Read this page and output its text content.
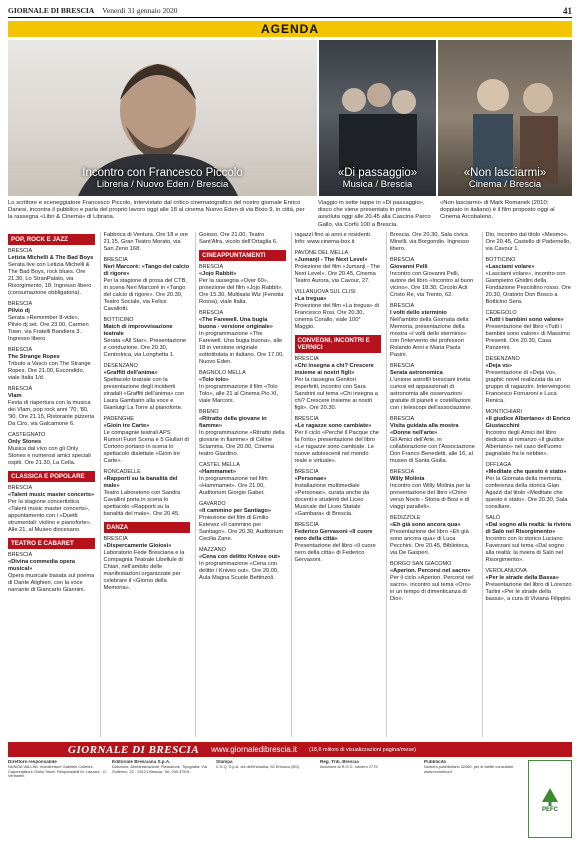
GIORNALE DI BRESCIA Venerdì 31 gennaio 2020	41
AGENDA
Incontro con Francesco Piccolo
Libreria / Nuovo Eden / Brescia
«Di passaggio»
Musica / Brescia
«Non lasciarmi»
Cinema / Brescia

Lo scrittore e sceneggiatore Francesco Piccolo, intervistato dal critico cinematografico del nostro giornale Enrico Danesi, incontra il pubblico e parla del proprio lavoro oggi alle 18 al cinema Nuovo Eden di via Bixio 9, in città, per la rassegna «Libri & Cinema» di Libraria.

Viaggio in sette tappe in «Di passaggio», disco che viene presentato in prima assoluta oggi alle 20.45 alla Cascina Parco Gallo, via Corfù 100 a Brescia.

«Non lasciarmi» di Mark Romanek (2010; doppiato in italiano) è il film proposto oggi al Cinema Arcobaleno.

POP, ROCK E JAZZ
BRESCIA
Letizia Michelli & The Bad Boys
Serata live con Letizia Michelli & The Bad Boys, rock blues. Ore 21.30, Lo StranPalato, via Risorgimento, 18. Ingresso libero (consumazione obbligatoria).
BRESCIA
Pilvio dj
Serata «Remember 8-vide», Pilvio dj set. Ore 23.00, Carmen Town, via Fratelli Bandiera 3. Ingresso libero.
BRESCIA
The Strange Ropes
Tributo a Vasco con The Strange Ropes. Ore 21.00, Escondido, viale Italia 1/d.
BRESCIA
Vlam
Festa di riapertura con la musica dei Vlam, pop rock anni '70, '80, '90. Ore 21.15, Ristorante pizzeria Da Ciro, via Galcamone 6.
CASTEGNATO
Only Stones
Musica dal vivo con gli Only Stones e numerosi amici speciali ospiti. Ore 21.30, La Cella.
CLASSICA E POPOLARE
BRESCIA
«Talent music master concerts»
Per la stagione concertistica «Talent music master concerts», appuntamento con i «Duetti strumentali: violino e pianoforte». Alle 21, al Museo diocesano.
TEATRO E CABARET
BRESCIA
«Divina commedia opera musical»
Opera musicale basata sul poema di Dante Alighieri, con la voce narrante di Giancarlo Giannini.
Fabbrica di Ventura. Ore 18 e ore 21.15, Gran Teatro Morato, via San Zeno 168.
BRESCIA
Neri Marcorè: «Tango del calcio di rigore»
Per la stagione di prosa del CTB, in scena Neri Marcorè in «Tango del calcio di rigore». Ore 20.30, Teatro Sociale, via Felice Cavallotti.
BOTTICINO
Match di improvvisazione teatrale
Serata «All Star». Presentazione e conduzione. Ore 20.30, Centrolrica, via Longhetta 1.
DESENZANO
«Graffiti dell'anima»
Spettacolo teatrale con la presentazione degli incidenti stradali «Graffiti dell'anima» con Laura Gambarin alla voce e Gianluigi La Torre al pianoforte.
PADENGHE
«Gioin tre Carte»
Le compagnie teatrali APS Rumori Fuori Scena e 5 Giullari di Cortorio portano in scena lo spettacolo dialettale «Gioin tre Carte».
RONCADELLE
«Rapporti su la banalità del male»
Teatro Laboratorio con Sandra Cavallini porta in scena lo spettacolo «Rapporti su la banalità del male». Ore 20.45.
DANZA
BRESCIA
«Dispercamente Gioiosi»
Laboratorio Fede Bresciana e la Compagnia Teatrale Libellule di Chiari, nell'ambito delle manifestazioni organizzate per celebrare il «Giorno della Memoria».
Goioso. Ore 21.00, Teatro Sant'Afra, vicolo dell'Ortaglia 6.
CINEAPPUNTAMENTI
BRESCIA
«Jojo Rabbit»
Per la rassegna «Over 60», proiezione del film «Jojo Rabbit». Ore 15.30, Multisala Wiz (Fenotia Rossa), viale Italia.
BRESCIA
«The Farewell. Una bugia buona - versione originale»
In programmazione «The Farewell. Una bugia buona», alle 18 in versione originale sottotitolata in italiano. Ore 17.00, Nuovo Eden.
BAGNOLO MELLA
«Tolo tolo»
In programmazione il film «Tolo Tolo», alle 21 al Cinema Pio XI, viale Marconi.
BRENO
«Ritratto della giovane in fiamme»
In programmazione «Ritratto della giovane in fiamme» di Céline Sciamma. Ore 20.00, Cinema teatro Giardino.
CASTEL MELLA
«Hammamet»
In programmazione nel film «Hammamet». Ore 21.00, Auditorium Giorgio Gaber.
GAVARDO
«Il cammino per Santiago»
Proiezione del film di Emilio Estevez «Il cammino per Santiago». Ore 20.30, Auditorium Cecilia Zane.
MAZZANO
«Cena con delitto Knives out»
In programmazione «Cena con delitto / Knives out». Ore 20.00, Aula Magna Scuole Bettinzoli.
ragazzi fino ai anni e residenti. Info: www.cinema-box.it
PAVONE DEL MELLA
«Jumanji - The Next Level»
Proiezione del film «Jumanji - The Next Level». Ore 20.45, Cinema Teatro Aurora, via Cavour, 27.
VILLANUOVA SUL CLISI
«La tregua»
Proiezione del film «La tregua» di Francesco Rosi. Ore 20.30, cinema Corallo, viale 100° Maggio.
CONVEGNI, INCONTRI E VERNICI
BRESCIA
«Chi insegna a chi? Crescere insieme ai nostri figli»
Per la rassegna Genitori imperfetti, incontro con Sara Sandrini sul tema «Chi insegna a chi? Crescere insieme ai nostri figli». Ore 20.30.
BRESCIA
«Le ragazze sono cambiate»
Per il ciclo «Perché il Pacque che fa l'orto» presentazione del libro «Le ragazze sono cambiate. Le nuove adolescenti nel mondo reale e virtuale».
BRESCIA
«Personae»
Installazione multimediale «Personae», curata anche da docenti e studenti del Liceo Musicale del Liceo Statale «Gambara» di Brescia.
BRESCIA
Federico Gervasoni «Il cuore nero della città»
Presentazione del libro «Il cuore nero della città» di Federico Gervasoni.
Brescia. Ore 20.30, Sala civica Minelli, via Borgondio. Ingresso libero.
BRESCIA
Giovanni Pelli
Incontro con Giovanni Pelli, autore del libro «Incontro al buon vicino». Ore 18.30, Circolo Acli Cristo Re, via Trento, 62.
BRESCIA
I volti dello sterminio
Nell'ambito della Giornata della Memoria, presentazione della mostra «I volti dello sterminio» con l'intervento dei professori Rolando Anni e Maria Paola Pasini.
BRESCIA
Serata astronomica
L'unione astrofili bresciani invita curiosi ed appassionati di astronomia alle osservazioni gratuite di pianeti e costellazioni con i telescopi dell'associazione.
BRESCIA
Visita guidata alla mostra «Donne nell'arte»
Gli Amici dell'Arte, in collaborazione con l'Associazione Don Franco Benedetti, alle 16, al museo di Santa Giulia.
BRESCIA
Willy Molinia
Incontro con Willy Molinia per la presentazione del libro «Chino verso Novis - Storia di Bosi e di viaggi paralleli».
BEDIZZOLE
«Eh già sono ancora qua»
Presentazione del libro «Eh già sono ancora qua» di Luca Pecchini. Ore 20.45, Biblioteca, via De Gasperi.
BORGO SAN GIACOMO
«Aperion. Percorsi nel sacro»
Per il ciclo «Aperion. Percorsi nel sacro», incontro sul tema «Oro» in un tempo di dimenticanza di Dio».
Dio, incontro dal titolo «Mesmo». Ore 20.45, Castello di Padernello, via Cavour 1.
BOTTICINO
«Lasciami volare»
«Lasciami volare», incontro con Giampietro Ghidini della Fondazione Pesciolino rosso. Ore 20.30, Oratorio Don Bosco a Botticino Sera.
CEDEGOLO
«Tutti i bambini sono valore»
Presentazione del libro «Tutti i bambini sono valore» di Massimo Presenti. Ore 20.30, Casa Panzerini.
DESENZANO
«Deja vù»
Presentazione di «Deja vù», graphic novel realizzata da un gruppo di ragazzini. Intervengono Francesco Fornaroni e Luca Renica.
MONTICHIARI
«Il giudice Albertano» di Enrico Giustacchini
Incontro degli Amici del libro dedicato al romanzo «Il giudice Albertano» nel caso dell'uomo pagnalato fra le nebbie».
OFFLAGA
«Meditate che questo è stato»
Per la Giornata della memoria, conferenza della storica Gian Agazzi dal titolo «Meditate che questo è stato». Ore 20.30, Sala consiliare.
SALÒ
«Dal sogno alla realtà: la riviera di Salò nel Risorgimento»
Incontro con lo storico Luciano Faverzani sul tema «Dal sogno alla realtà: la riviera di Salò nel Risorgimento».
VEROLANUOVA
«Per le strade della Bassa»
Presentazione del libro di Lorenzo Tarlini «Per le strade della bassa», a cura di Viviana Filippini.
GIORNALE DI BRESCIA www.giornaledibrescia.it (18,6 milioni di visualizzazioni pagina/mese)
Direttore responsabile
NUNZIA VALLINI. Vicedirettore Gabriele Colleoni. Caporedattore Giulio Tosini. Responsabili M. Lanzani - G. Venturelli.
Editoriale Bresciana S.p.A.
Direzione, Amministrazione, Redazione, Tipografia: Via Solferino, 22 - 25121 Brescia. Tel. 030.37901.
Stampa
C.S.Q. S.p.A. via dell'Industria, 52 Erbusco (BS).
Reg. Trib. Brescia
Iscrizione al R.O.C. numero 2779.
Pubblicità
Numero pubblicitario 32060, per le tariffe consultare www.numerica.it
PEFC
